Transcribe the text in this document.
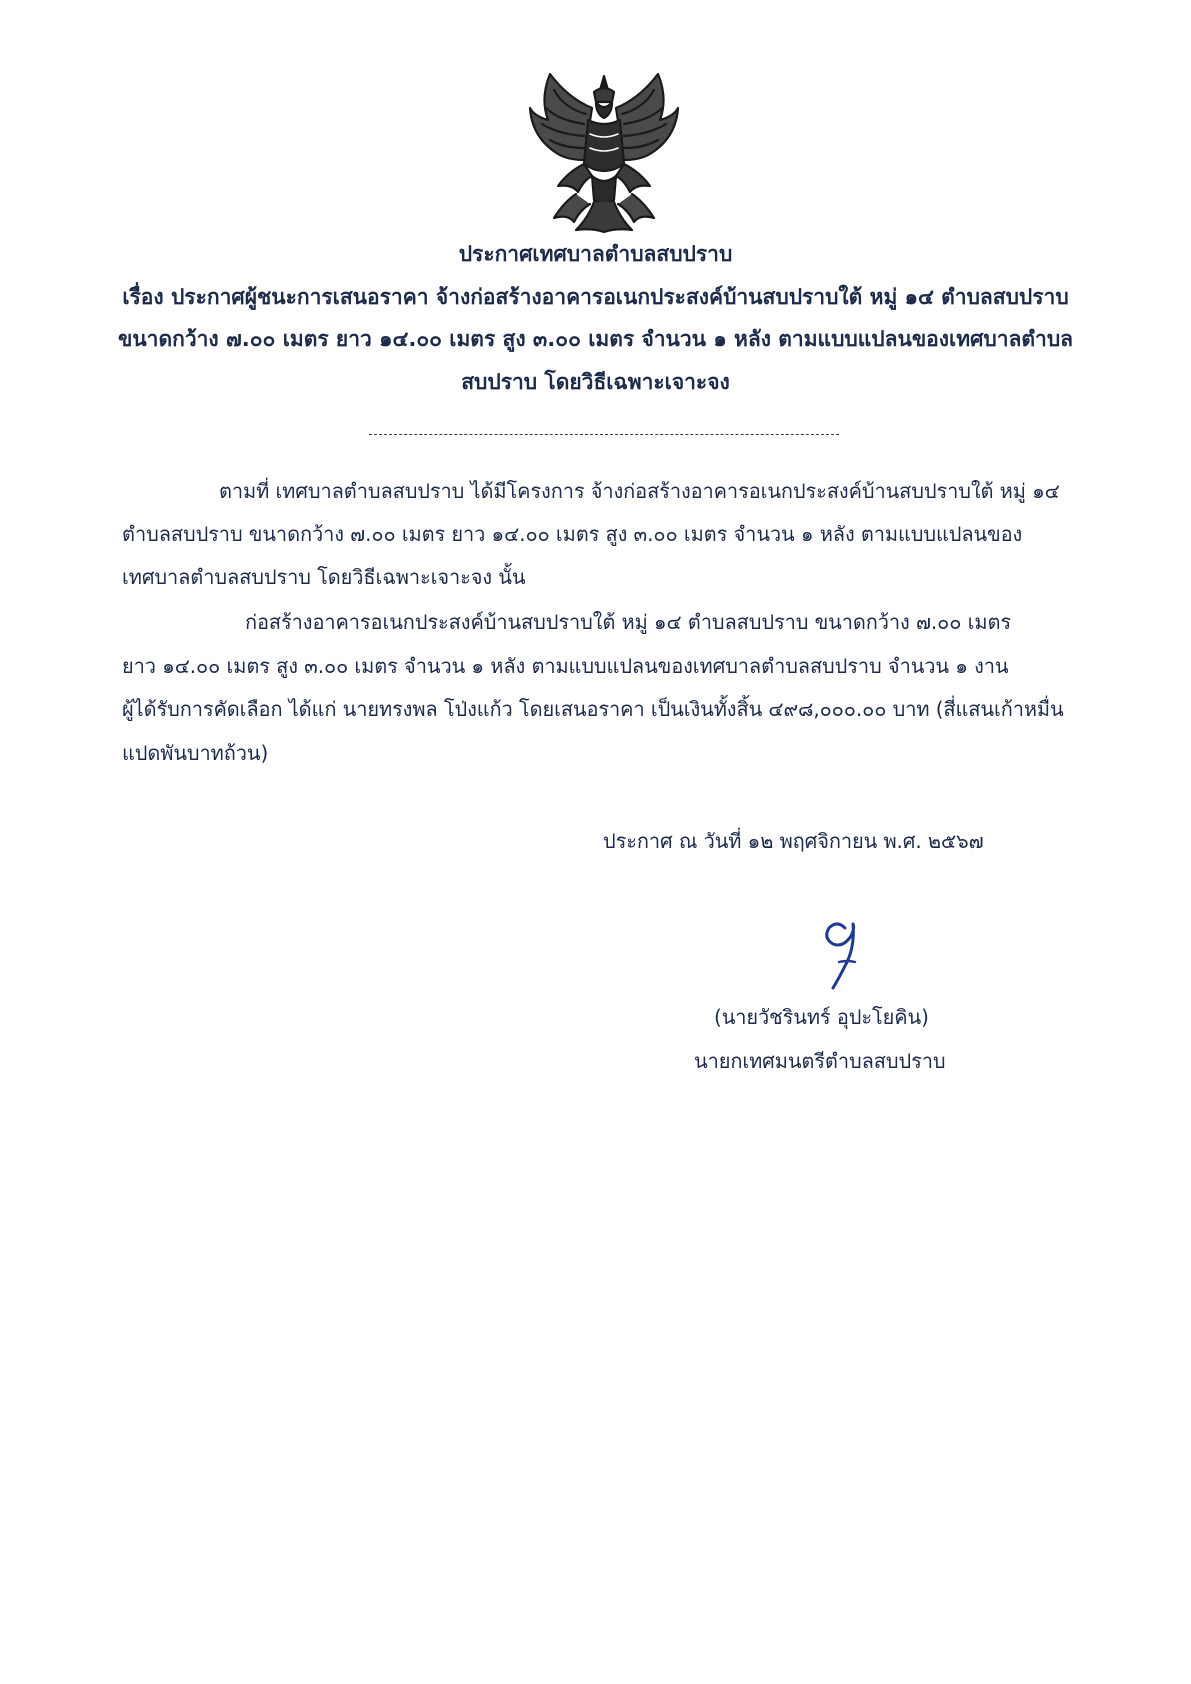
ประกาศเทศบาลตำบลสบปราบ
เรื่อง ประกาศผู้ชนะการเสนอราคา จ้างก่อสร้างอาคารอเนกประสงค์บ้านสบปราบใต้ หมู่ ๑๔ ตำบลสบปราบ
ขนาดกว้าง ๗.๐๐ เมตร ยาว ๑๔.๐๐ เมตร สูง ๓.๐๐ เมตร จำนวน ๑ หลัง ตามแบบแปลนของเทศบาลตำบล
สบปราบ โดยวิธีเฉพาะเจาะจง
ตามที่ เทศบาลตำบลสบปราบ ได้มีโครงการ จ้างก่อสร้างอาคารอเนกประสงค์บ้านสบปราบใต้ หมู่ ๑๔
ตำบลสบปราบ ขนาดกว้าง ๗.๐๐ เมตร ยาว ๑๔.๐๐ เมตร สูง ๓.๐๐ เมตร จำนวน ๑ หลัง ตามแบบแปลนของ
เทศบาลตำบลสบปราบ โดยวิธีเฉพาะเจาะจง นั้น
ก่อสร้างอาคารอเนกประสงค์บ้านสบปราบใต้ หมู่ ๑๔ ตำบลสบปราบ ขนาดกว้าง ๗.๐๐ เมตร
ยาว ๑๔.๐๐ เมตร สูง ๓.๐๐ เมตร จำนวน ๑ หลัง ตามแบบแปลนของเทศบาลตำบลสบปราบ จำนวน ๑ งาน
ผู้ได้รับการคัดเลือก ได้แก่ นายทรงพล โป่งแก้ว โดยเสนอราคา เป็นเงินทั้งสิ้น ๔๙๘,๐๐๐.๐๐ บาท (สี่แสนเก้าหมื่น
แปดพันบาทถ้วน)
ประกาศ ณ วันที่ ๑๒ พฤศจิกายน พ.ศ. ๒๕๖๗
(นายวัชรินทร์ อุปะโยคิน)
นายกเทศมนตรีตำบลสบปราบ
